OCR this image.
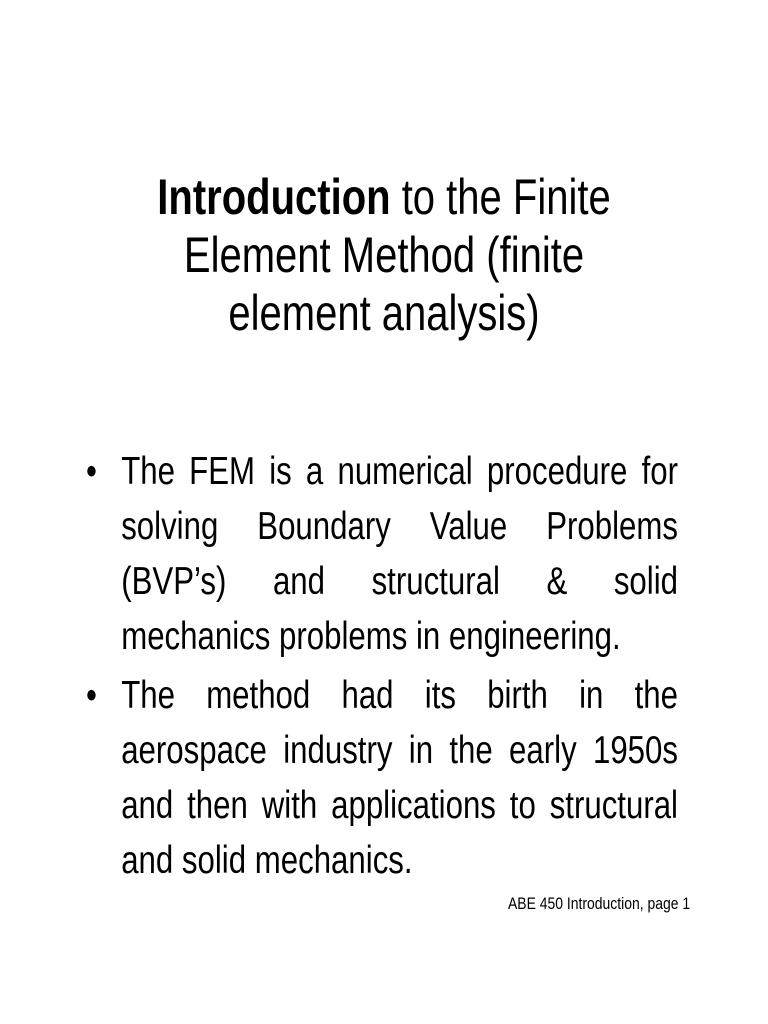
Introduction to the Finite Element Method (finite element analysis)
• The FEM is a numerical procedure for solving Boundary Value Problems (BVP’s) and structural & solid mechanics problems in engineering.
• The method had its birth in the aerospace industry in the early 1950s and then with applications to structural and solid mechanics.
ABE 450 Introduction, page 1
